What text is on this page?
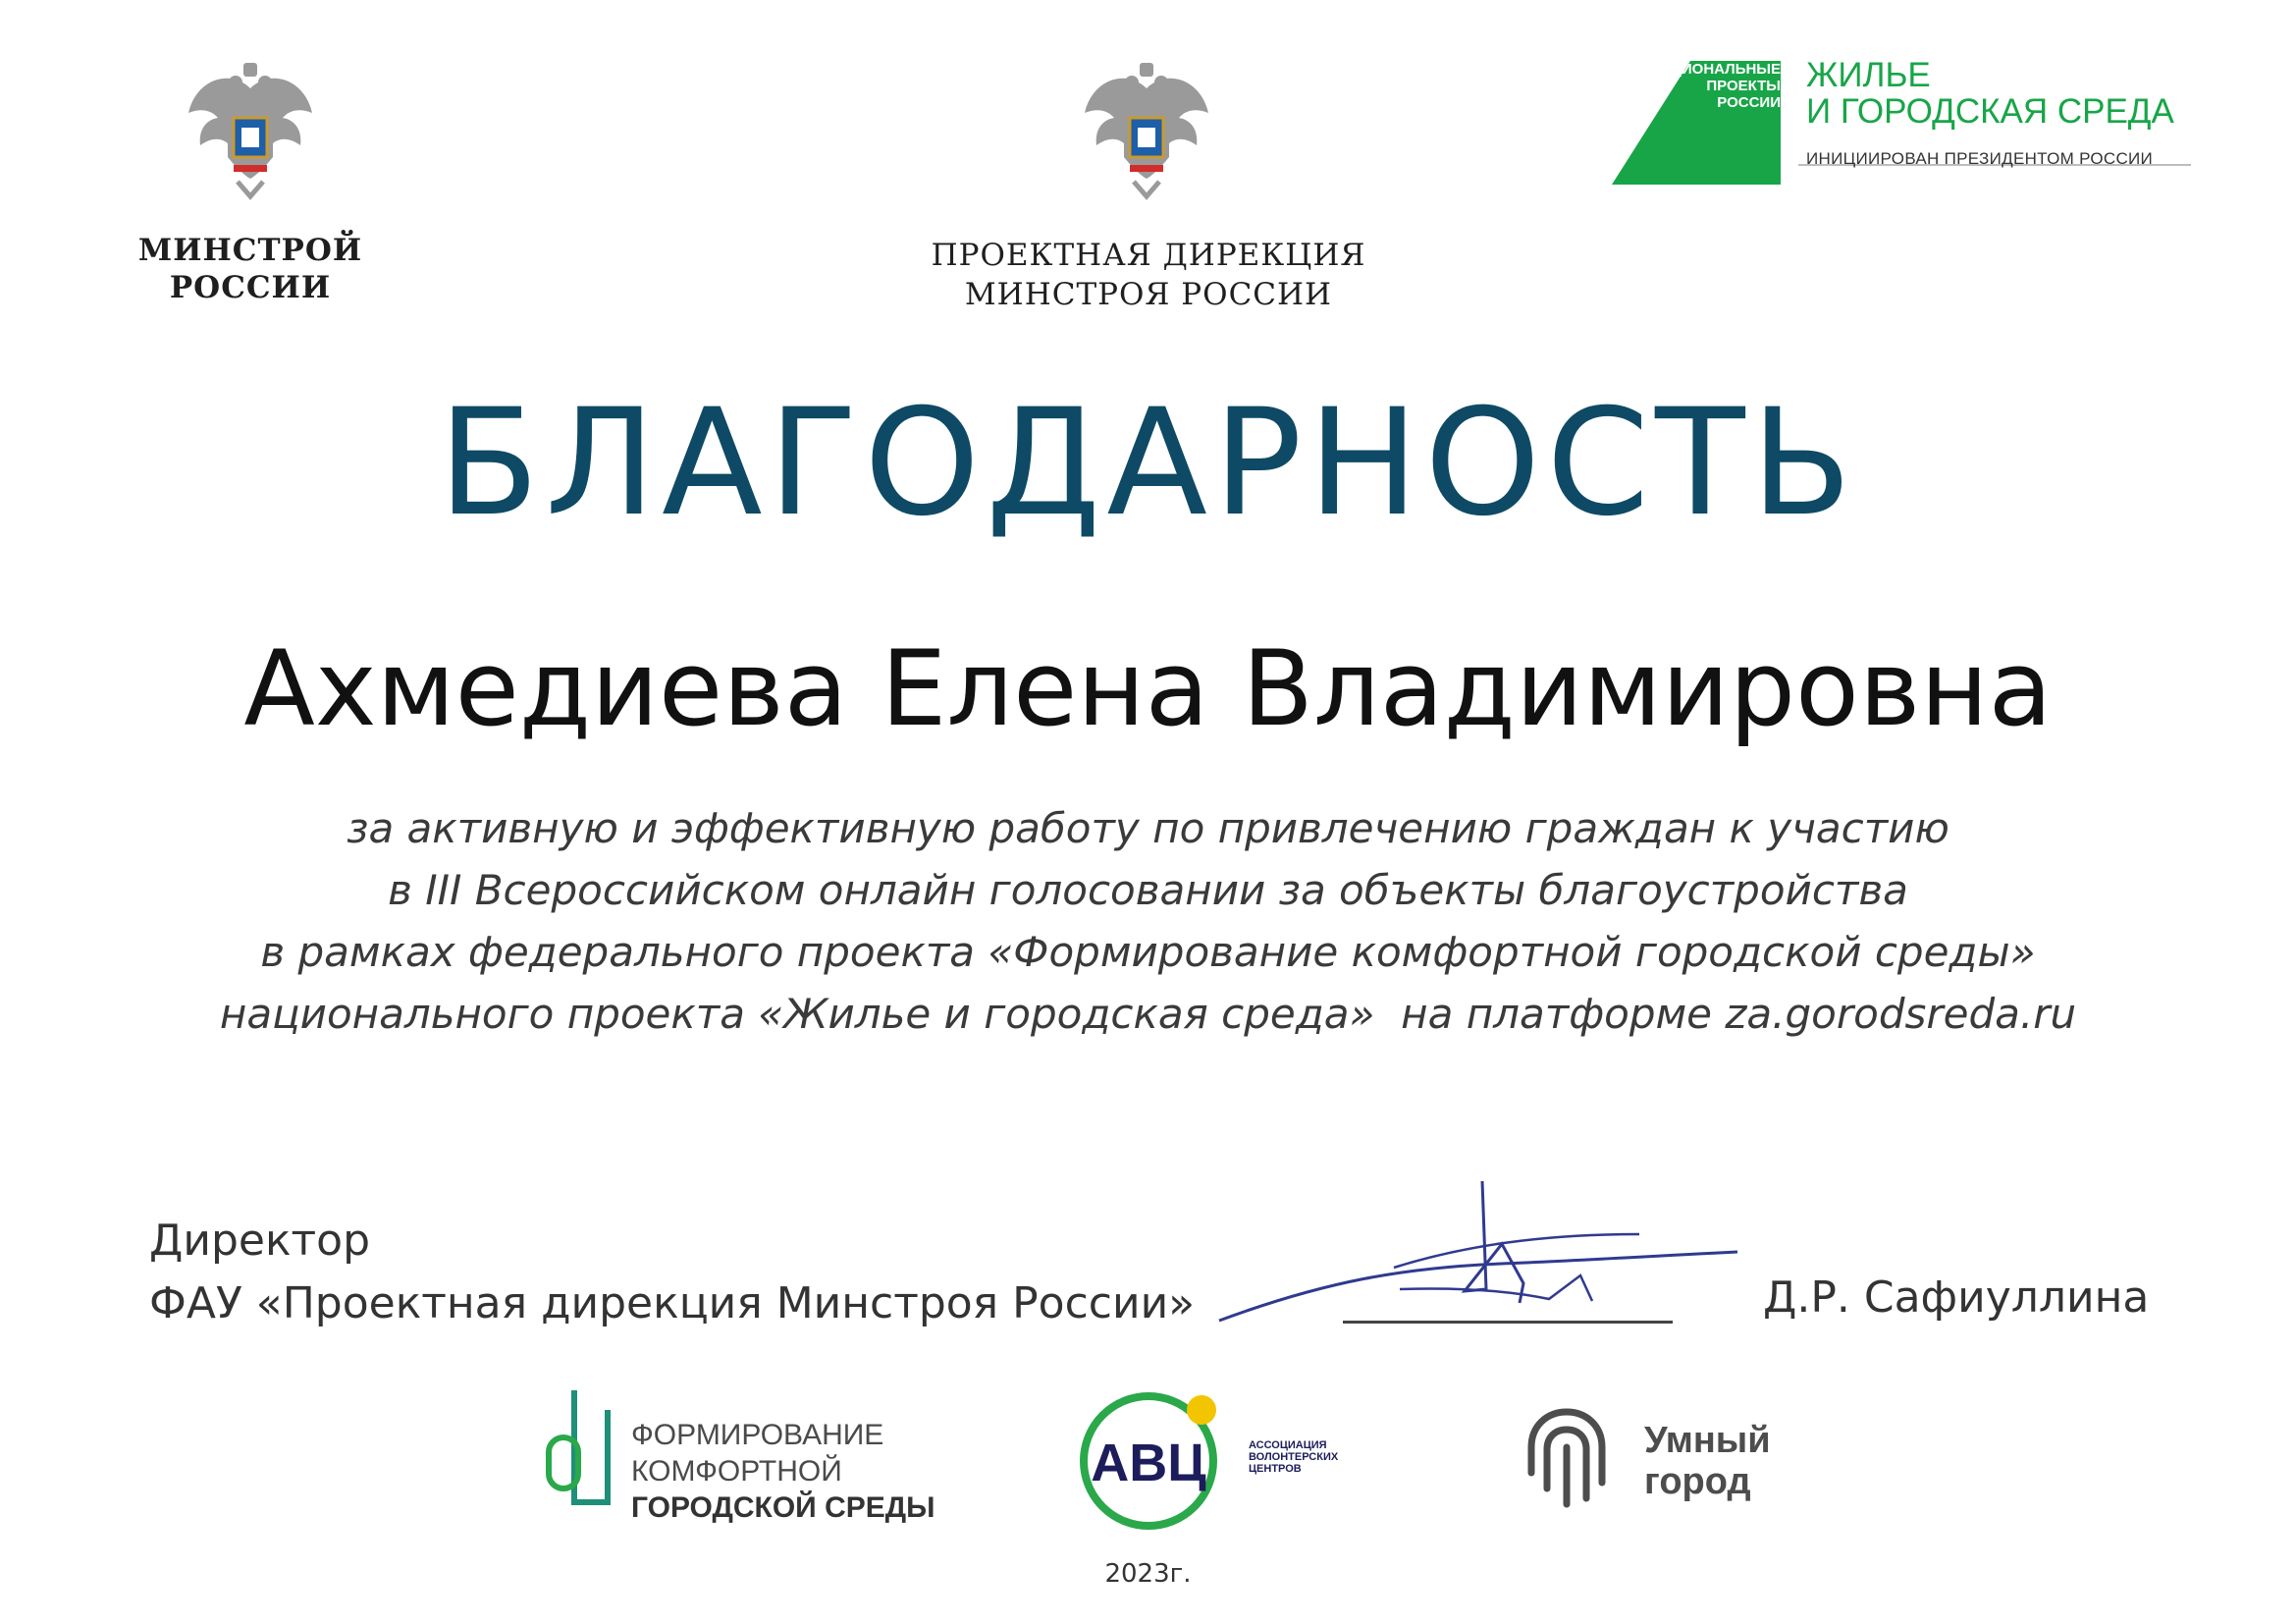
МИНСТРОЙ
РОССИИ
ПРОЕКТНАЯ ДИРЕКЦИЯ
МИНСТРОЯ РОССИИ
НАЦИОНАЛЬНЫЕ
ПРОЕКТЫ
РОССИИ
ЖИЛЬЕ
И ГОРОДСКАЯ СРЕДА
ИНИЦИИРОВАН ПРЕЗИДЕНТОМ РОССИИ
БЛАГОДАРНОСТЬ
Ахмедиева Елена Владимировна
за активную и эффективную работу по привлечению граждан к участию
в III Всероссийском онлайн голосовании за объекты благоустройства
в рамках федерального проекта «Формирование комфортной городской среды»
национального проекта «Жилье и городская среда»  на платформе za.gorodsreda.ru
Директор
ФАУ «Проектная дирекция Минстроя России»	Д.Р. Сафиуллина
ФОРМИРОВАНИЕ
КОМФОРТНОЙ
ГОРОДСКОЙ СРЕДЫ
АВЦ	АССОЦИАЦИЯ
ВОЛОНТЕРСКИХ
ЦЕНТРОВ
Умный
город
2023г.
